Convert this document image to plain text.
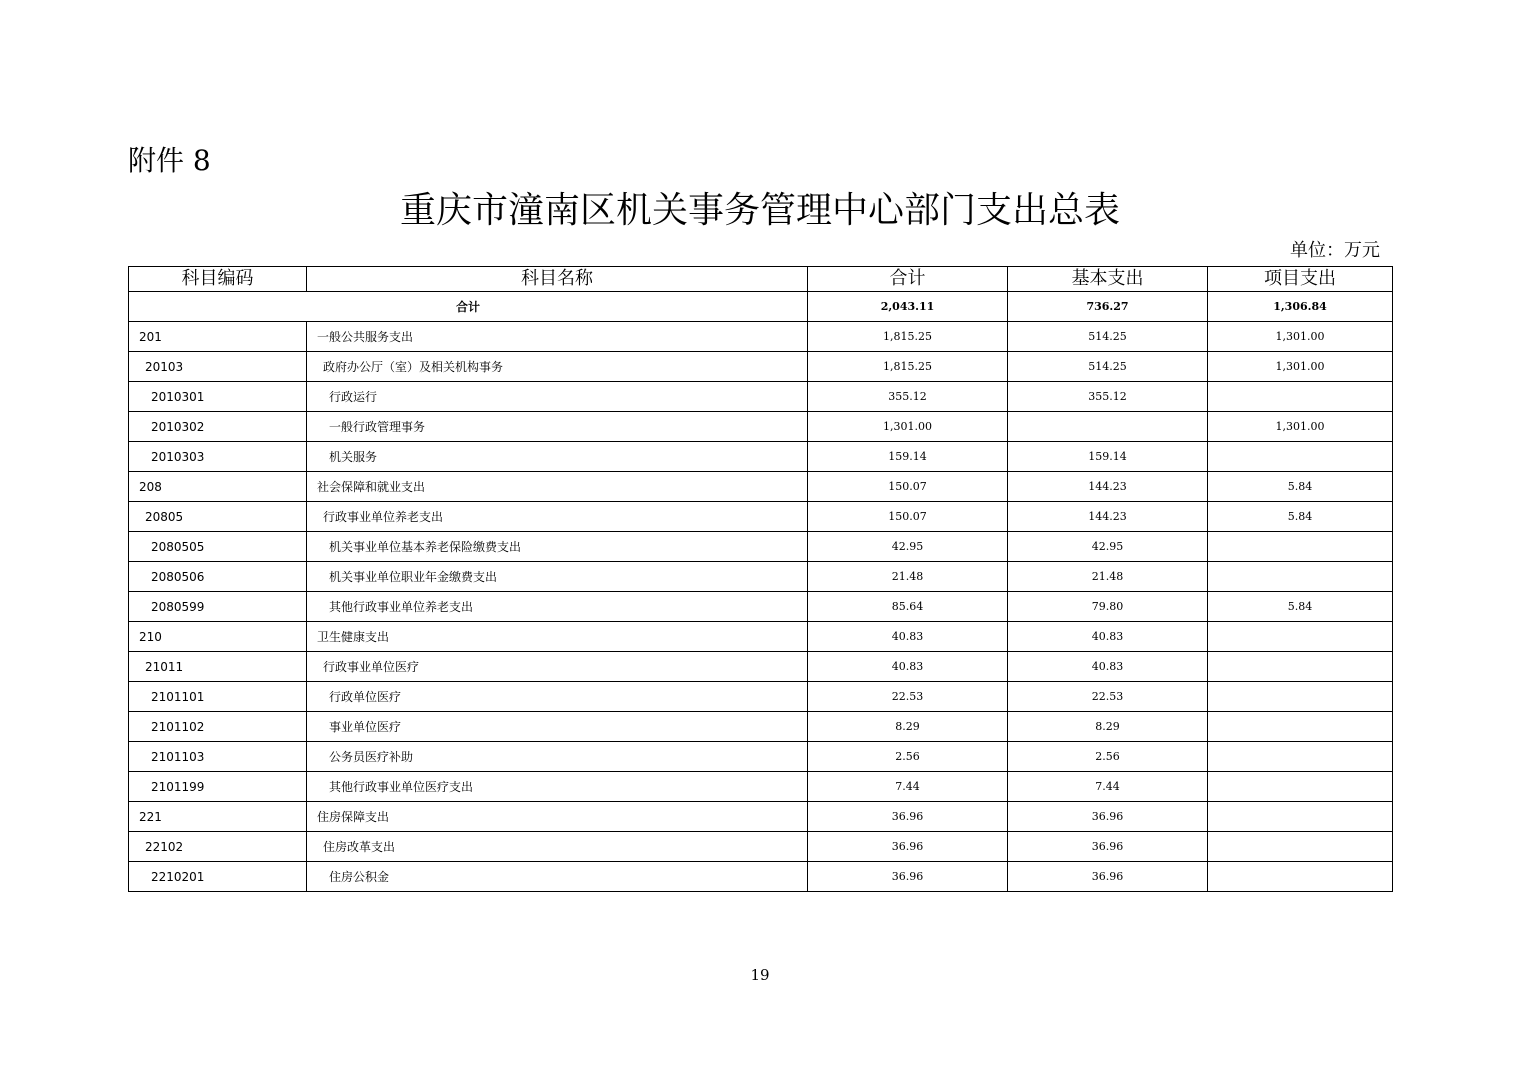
附件 8
重庆市潼南区机关事务管理中心部门支出总表
单位：万元
科目编码	科目名称	合计	基本支出	项目支出
合计		2,043.11	736.27	1,306.84
201	一般公共服务支出	1,815.25	514.25	1,301.00
20103	政府办公厅（室）及相关机构事务	1,815.25	514.25	1,301.00
2010301	行政运行	355.12	355.12	
2010302	一般行政管理事务	1,301.00		1,301.00
2010303	机关服务	159.14	159.14	
208	社会保障和就业支出	150.07	144.23	5.84
20805	行政事业单位养老支出	150.07	144.23	5.84
2080505	机关事业单位基本养老保险缴费支出	42.95	42.95	
2080506	机关事业单位职业年金缴费支出	21.48	21.48	
2080599	其他行政事业单位养老支出	85.64	79.80	5.84
210	卫生健康支出	40.83	40.83	
21011	行政事业单位医疗	40.83	40.83	
2101101	行政单位医疗	22.53	22.53	
2101102	事业单位医疗	8.29	8.29	
2101103	公务员医疗补助	2.56	2.56	
2101199	其他行政事业单位医疗支出	7.44	7.44	
221	住房保障支出	36.96	36.96	
22102	住房改革支出	36.96	36.96	
2210201	住房公积金	36.96	36.96	
19
